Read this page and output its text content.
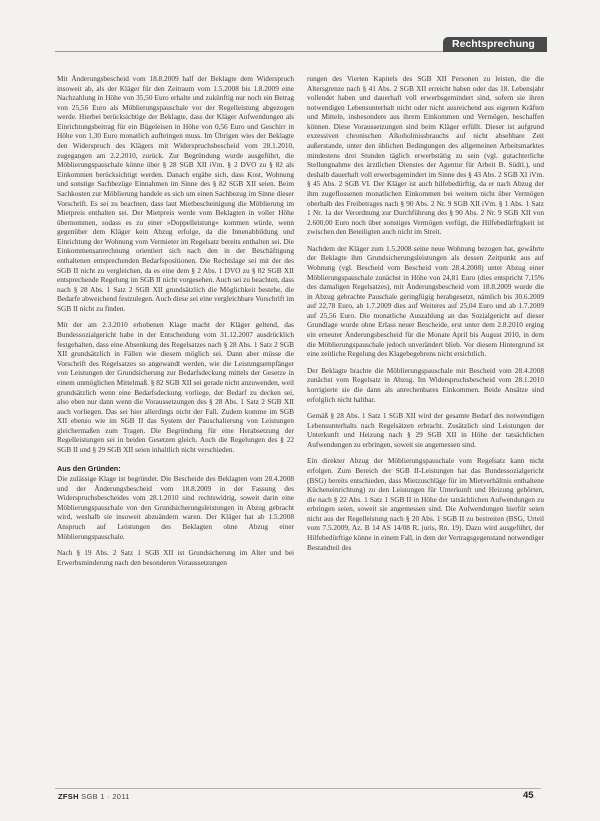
Rechtsprechung

Mit Änderungsbescheid vom 18.8.2009 half der Beklagte dem Widerspruch insoweit ab, als der Kläger für den Zeitraum vom 1.5.2008 bis 1.8.2009 eine Nachzahlung in Höhe von 35,50 Euro erhalte und zukünftig nur noch ein Betrag von 25,56 Euro als Möblierungspauschale vor der Regelleistung abgezogen werde. Hierbei berücksichtige der Beklagte, dass der Kläger Aufwendungen als Einrichtungsbeitrag für ein Bügeleisen in Höhe von 0,56 Euro und Geschirr in Höhe von 1,30 Euro monatlich aufbringen muss. Im Übrigen wies der Beklagte den Widerspruch des Klägers mit Widerspruchsbescheid vom 28.1.2010, zugegangen am 2.2.2010, zurück. Zur Begründung wurde ausgeführt, die Möblierungspauschale könne über § 28 SGB XII iVm. § 2 DVO zu § 82 als Einkommen berücksichtigt werden. Danach ergäbe sich, dass Kost, Wohnung und sonstige Sachbezüge Einnahmen im Sinne des § 82 SGB XII seien. Beim Sachkosten zur Möblierung handele es sich um einen Sachbezug im Sinne dieser Vorschrift. Es sei zu beachten, dass laut Mietbescheinigung die Möblierung im Mietpreis enthalten sei. Der Mietpreis werde vom Beklagten in voller Höhe übernommen, sodass es zu einer »Doppelleistung« kommen würde, wenn gegenüber dem Kläger kein Abzug erfolge, da die Innenabbildung und Einrichtung der Wohnung vom Vermieter im Regelsatz bereits enthalten sei. Die Einkommensanrechnung orientiert sich nach den in der Beschäftigung enthaltenen entsprechenden Bedarfspositionen. Die Rechtslage sei mit der des SGB II nicht zu vergleichen, da es eine dem § 2 Abs. 1 DVO zu § 82 SGB XII entsprechende Regelung im SGB II nicht vorgesehen. Auch sei zu beachten, dass nach § 28 Abs. 1 Satz 2 SGB XII grundsätzlich die Möglichkeit bestehe, die Bedarfe abweichend festzulegen. Auch diese sei eine vergleichbare Vorschrift im SGB II nicht zu finden.

Mit der am 2.3.2010 erhobenen Klage macht der Kläger geltend, das Bundessozialgericht habe in der Entscheidung vom 31.12.2007 ausdrücklich festgehalten, dass eine Absenkung des Regelsatzes nach § 28 Abs. 1 Satz 2 SGB XII grundsätzlich in Fällen wie diesem möglich sei. Dann aber müsse die Vorschrift des Regelsatzes so angewandt werden, wie die Leistungsempfänger von Leistungen der Grundsicherung zur Bedarfsdeckung mittels der Gesetze in einem unmöglichen Mittelmaß. § 82 SGB XII sei gerade nicht anzuwenden, weil grundsätzlich wenn eine Bedarfsdeckung vorliege, der Bedarf zu decken sei, also eben nur dann wenn die Voraussetzungen des § 28 Abs. 1 Satz 2 SGB XII auch vorliegen. Das sei hier allerdings nicht der Fall. Zudem komme im SGB XII ebenso wie im SGB II das System der Pauschalierung von Leistungen gleichermaßen zum Tragen. Die Begründung für eine Herabsetzung der Regelleistungen sei in beiden Gesetzen gleich. Auch die Regelungen des § 22 SGB II und § 29 SGB XII seien inhaltlich nicht verschieden.

Aus den Gründen:

Die zulässige Klage ist begründet. Die Bescheide des Beklagten vom 28.4.2008 und der Änderungsbescheid vom 18.8.2009 in der Fassung des Widerspruchsbescheides vom 28.1.2010 sind rechtswidrig, soweit darin eine Möblierungspauschale von den Grundsicherungsleistungen in Abzug gebracht wird, weshalb sie insoweit abzuändern waren. Der Kläger hat ab 1.5.2008 Anspruch auf Leistungen des Beklagten ohne Abzug einer Möblierungspauschale.

Nach § 19 Abs. 2 Satz 1 SGB XII ist Grundsicherung im Alter und bei Erwerbsminderung nach den besonderen Voraussetzungen

rungen des Vierten Kapitels des SGB XII Personen zu leisten, die die Altersgrenze nach § 41 Abs. 2 SGB XII erreicht haben oder das 18. Lebensjahr vollendet haben und dauerhaft voll erwerbsgemindert sind, sofern sie ihren notwendigen Lebensunterhalt nicht oder nicht ausreichend aus eigenen Kräften und Mitteln, insbesondere aus ihrem Einkommen und Vermögen, beschaffen können. Diese Voraussetzungen sind beim Kläger erfüllt. Dieser ist aufgrund exzessiven chronischen Alkoholmissbrauchs auf nicht absehbare Zeit außerstande, unter den üblichen Bedingungen des allgemeinen Arbeitsmarktes mindestens drei Stunden täglich erwerbstätig zu sein (vgl. gutachterliche Stellungnahme des ärztlichen Dienstes der Agentur für Arbeit B. Südtl.), und deshalb dauerhaft voll erwerbsgemindert im Sinne des § 43 Abs. 2 SGB XI iVm. § 45 Abs. 2 SGB VI. Der Kläger ist auch hilfebedürftig, da er nach Abzug der ihm zugeflossenen monatlichen Einkommen bei weitem nicht über Vermögen oberhalb des Freibetrages nach § 90 Abs. 2 Nr. 9 SGB XII iVm. § 1 Abs. 1 Satz 1 Nr. 1a der Verordnung zur Durchführung des § 90 Abs. 2 Nr. 9 SGB XII von 2.600,00 Euro noch über sonstiges Vermögen verfügt, die Hilfebedürftigkeit ist zwischen den Beteiligten auch nicht im Streit.

Nachdem der Kläger zum 1.5.2008 seine neue Wohnung bezogen hat, gewährte der Beklagte ihm Grundsicherungsleistungen als dessen Zeitpunkt aus auf Wohnung (vgl. Bescheid vom Bescheid vom 28.4.2008) unter Abzug einer Möblierungspauschale zunächst in Höhe von 24,81 Euro (dies entspricht 7,15% des damaligen Regelsatzes), mit Änderungsbescheid vom 18.8.2009 wurde die in Abzug gebrachte Pauschale geringfügig herabgesetzt, nämlich bis 30.6.2009 auf 22,78 Euro, ab 1.7.2009 dies auf Weiteres auf 25,04 Euro und ab 1.7.2009 auf 25,56 Euro. Die monatliche Auszahlung an das Sozialgericht auf dieser Grundlage wurde ohne Erlass neuer Bescheide, erst unter dem 2.8.2010 erging ein erneuter Änderungsbescheid für die Monate April bis August 2010, in dem die Möblierungspauschale jedoch unverändert blieb. Vor diesem Hintergrund ist eine zeitliche Regelung des Klagebegehrens nicht ersichtlich.

Der Beklagte brachte die Möblierungspauschale mit Bescheid vom 28.4.2008 zunächst vom Regelsatz in Abzug. Im Widerspruchsbescheid vom 28.1.2010 korrigierte sie die dann als anrechenbares Einkommen. Beide Ansätze sind erfolglich nicht haltbar.

Gemäß § 28 Abs. 1 Satz 1 SGB XII wird der gesamte Bedarf des notwendigen Lebensunterhalts nach Regelsätzen erbracht. Zusätzlich sind Leistungen der Unterkunft und Heizung nach § 29 SGB XII in Höhe der tatsächlichen Aufwendungen zu erbringen, soweit sie angemessen sind.

Ein direkter Abzug der Möblierungspauschale vom Regelsatz kann nicht erfolgen. Zum Bereich der SGB II-Leistungen hat das Bundessozialgericht (BSG) bereits entschieden, dass Mietzuschläge für im Mietverhältnis enthaltene Kücheneinrichtung) zu den Leistungen für Unterkunft und Heizung gehörten, die nach § 22 Abs. 1 Satz 1 SGB II in Höhe der tatsächlichen Aufwendungen zu erbringen seien, soweit sie angemessen sind. Die Aufwendungen hierfür seien nicht aus der Regelleistung nach § 20 Abs. 1 SGB II zu bestreiten (BSG, Urteil vom 7.5.2009, Az. B 14 AS 14/08 R, juris, Rn. 19). Dazu wird ausgeführt, der Hilfebedürftige könne in einem Fall, in dem der Vertragsgegenstand notwendiger Bestandteil des

ZFSH SGB 1 · 2011	45
